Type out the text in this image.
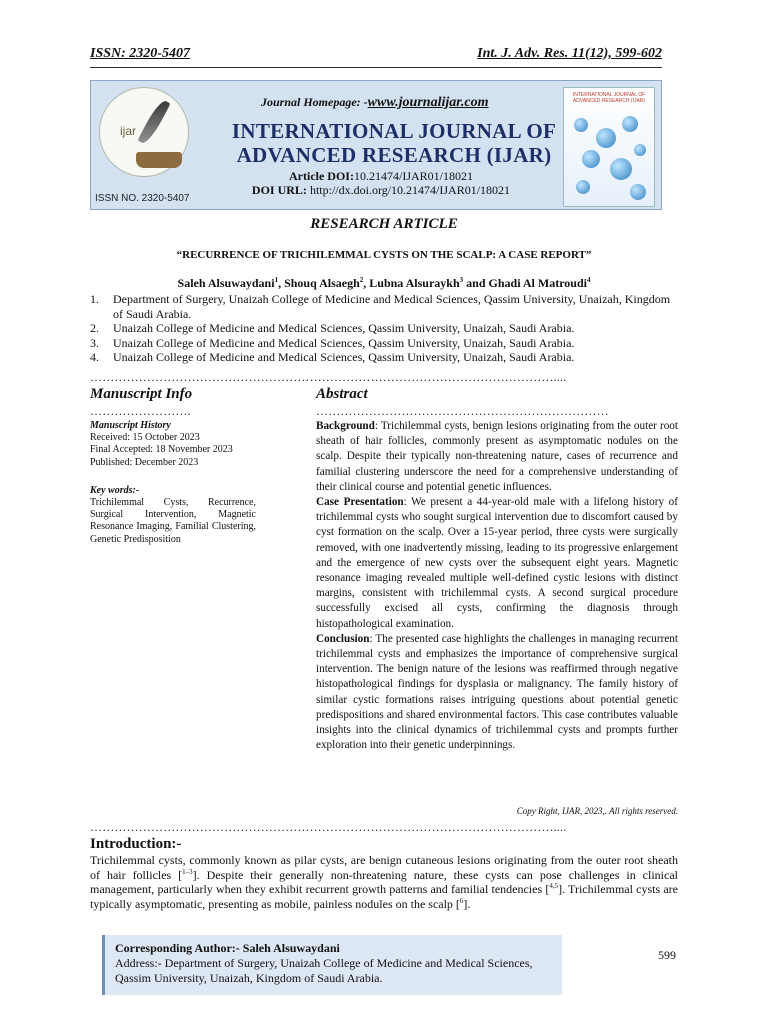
ISSN: 2320-5407	Int. J. Adv. Res. 11(12), 599-602
ijar
ISSN NO. 2320-5407
Journal Homepage: -www.journalijar.com
INTERNATIONAL JOURNAL OF
ADVANCED RESEARCH (IJAR)
Article DOI:10.21474/IJAR01/18021
DOI URL: http://dx.doi.org/10.21474/IJAR01/18021
INTERNATIONAL JOURNAL OF ADVANCED RESEARCH (IJAR)
RESEARCH ARTICLE
“RECURRENCE OF TRICHILEMMAL CYSTS ON THE SCALP: A CASE REPORT”
Saleh Alsuwaydani$^1$, Shouq Alsaegh$^2$, Lubna Alsuraykh$^3$ and Ghadi Al Matroudi$^4$
1. Department of Surgery, Unaizah College of Medicine and Medical Sciences, Qassim University, Unaizah, Kingdom of Saudi Arabia.
2. Unaizah College of Medicine and Medical Sciences, Qassim University, Unaizah, Saudi Arabia.
3. Unaizah College of Medicine and Medical Sciences, Qassim University, Unaizah, Saudi Arabia.
4. Unaizah College of Medicine and Medical Sciences, Qassim University, Unaizah, Saudi Arabia.
……………………………………………………………………………………………………....
Manuscript Info	Abstract
…………………….	………………………………………………………………
Manuscript History
Received: 15 October 2023
Final Accepted: 18 November 2023
Published: December 2023
Key words:-
Trichilemmal Cysts, Recurrence, Surgical Intervention, Magnetic Resonance Imaging, Familial Clustering, Genetic Predisposition
Background: Trichilemmal cysts, benign lesions originating from the outer root sheath of hair follicles, commonly present as asymptomatic nodules on the scalp. Despite their typically non-threatening nature, cases of recurrence and familial clustering underscore the need for a comprehensive understanding of their clinical course and potential genetic influences.
Case Presentation: We present a 44-year-old male with a lifelong history of trichilemmal cysts who sought surgical intervention due to discomfort caused by cyst formation on the scalp. Over a 15-year period, three cysts were surgically removed, with one inadvertently missing, leading to its progressive enlargement and the emergence of new cysts over the subsequent eight years. Magnetic resonance imaging revealed multiple well-defined cystic lesions with distinct margins, consistent with trichilemmal cysts. A second surgical procedure successfully excised all cysts, confirming the diagnosis through histopathological examination.
Conclusion: The presented case highlights the challenges in managing recurrent trichilemmal cysts and emphasizes the importance of comprehensive surgical intervention. The benign nature of the lesions was reaffirmed through negative histopathological findings for dysplasia or malignancy. The family history of similar cystic formations raises intriguing questions about potential genetic predispositions and shared environmental factors. This case contributes valuable insights into the clinical dynamics of trichilemmal cysts and prompts further exploration into their genetic underpinnings.
Copy Right, IJAR, 2023,. All rights reserved.
……………………………………………………………………………………………………....
Introduction:-
Trichilemmal cysts, commonly known as pilar cysts, are benign cutaneous lesions originating from the outer root sheath of hair follicles [$^{1-3}$]. Despite their generally non-threatening nature, these cysts can pose challenges in clinical management, particularly when they exhibit recurrent growth patterns and familial tendencies [$^{4,5}$]. Trichilemmal cysts are typically asymptomatic, presenting as mobile, painless nodules on the scalp [$^6$].
Corresponding Author:- Saleh Alsuwaydani
Address:- Department of Surgery, Unaizah College of Medicine and Medical Sciences,
Qassim University, Unaizah, Kingdom of Saudi Arabia.
599
